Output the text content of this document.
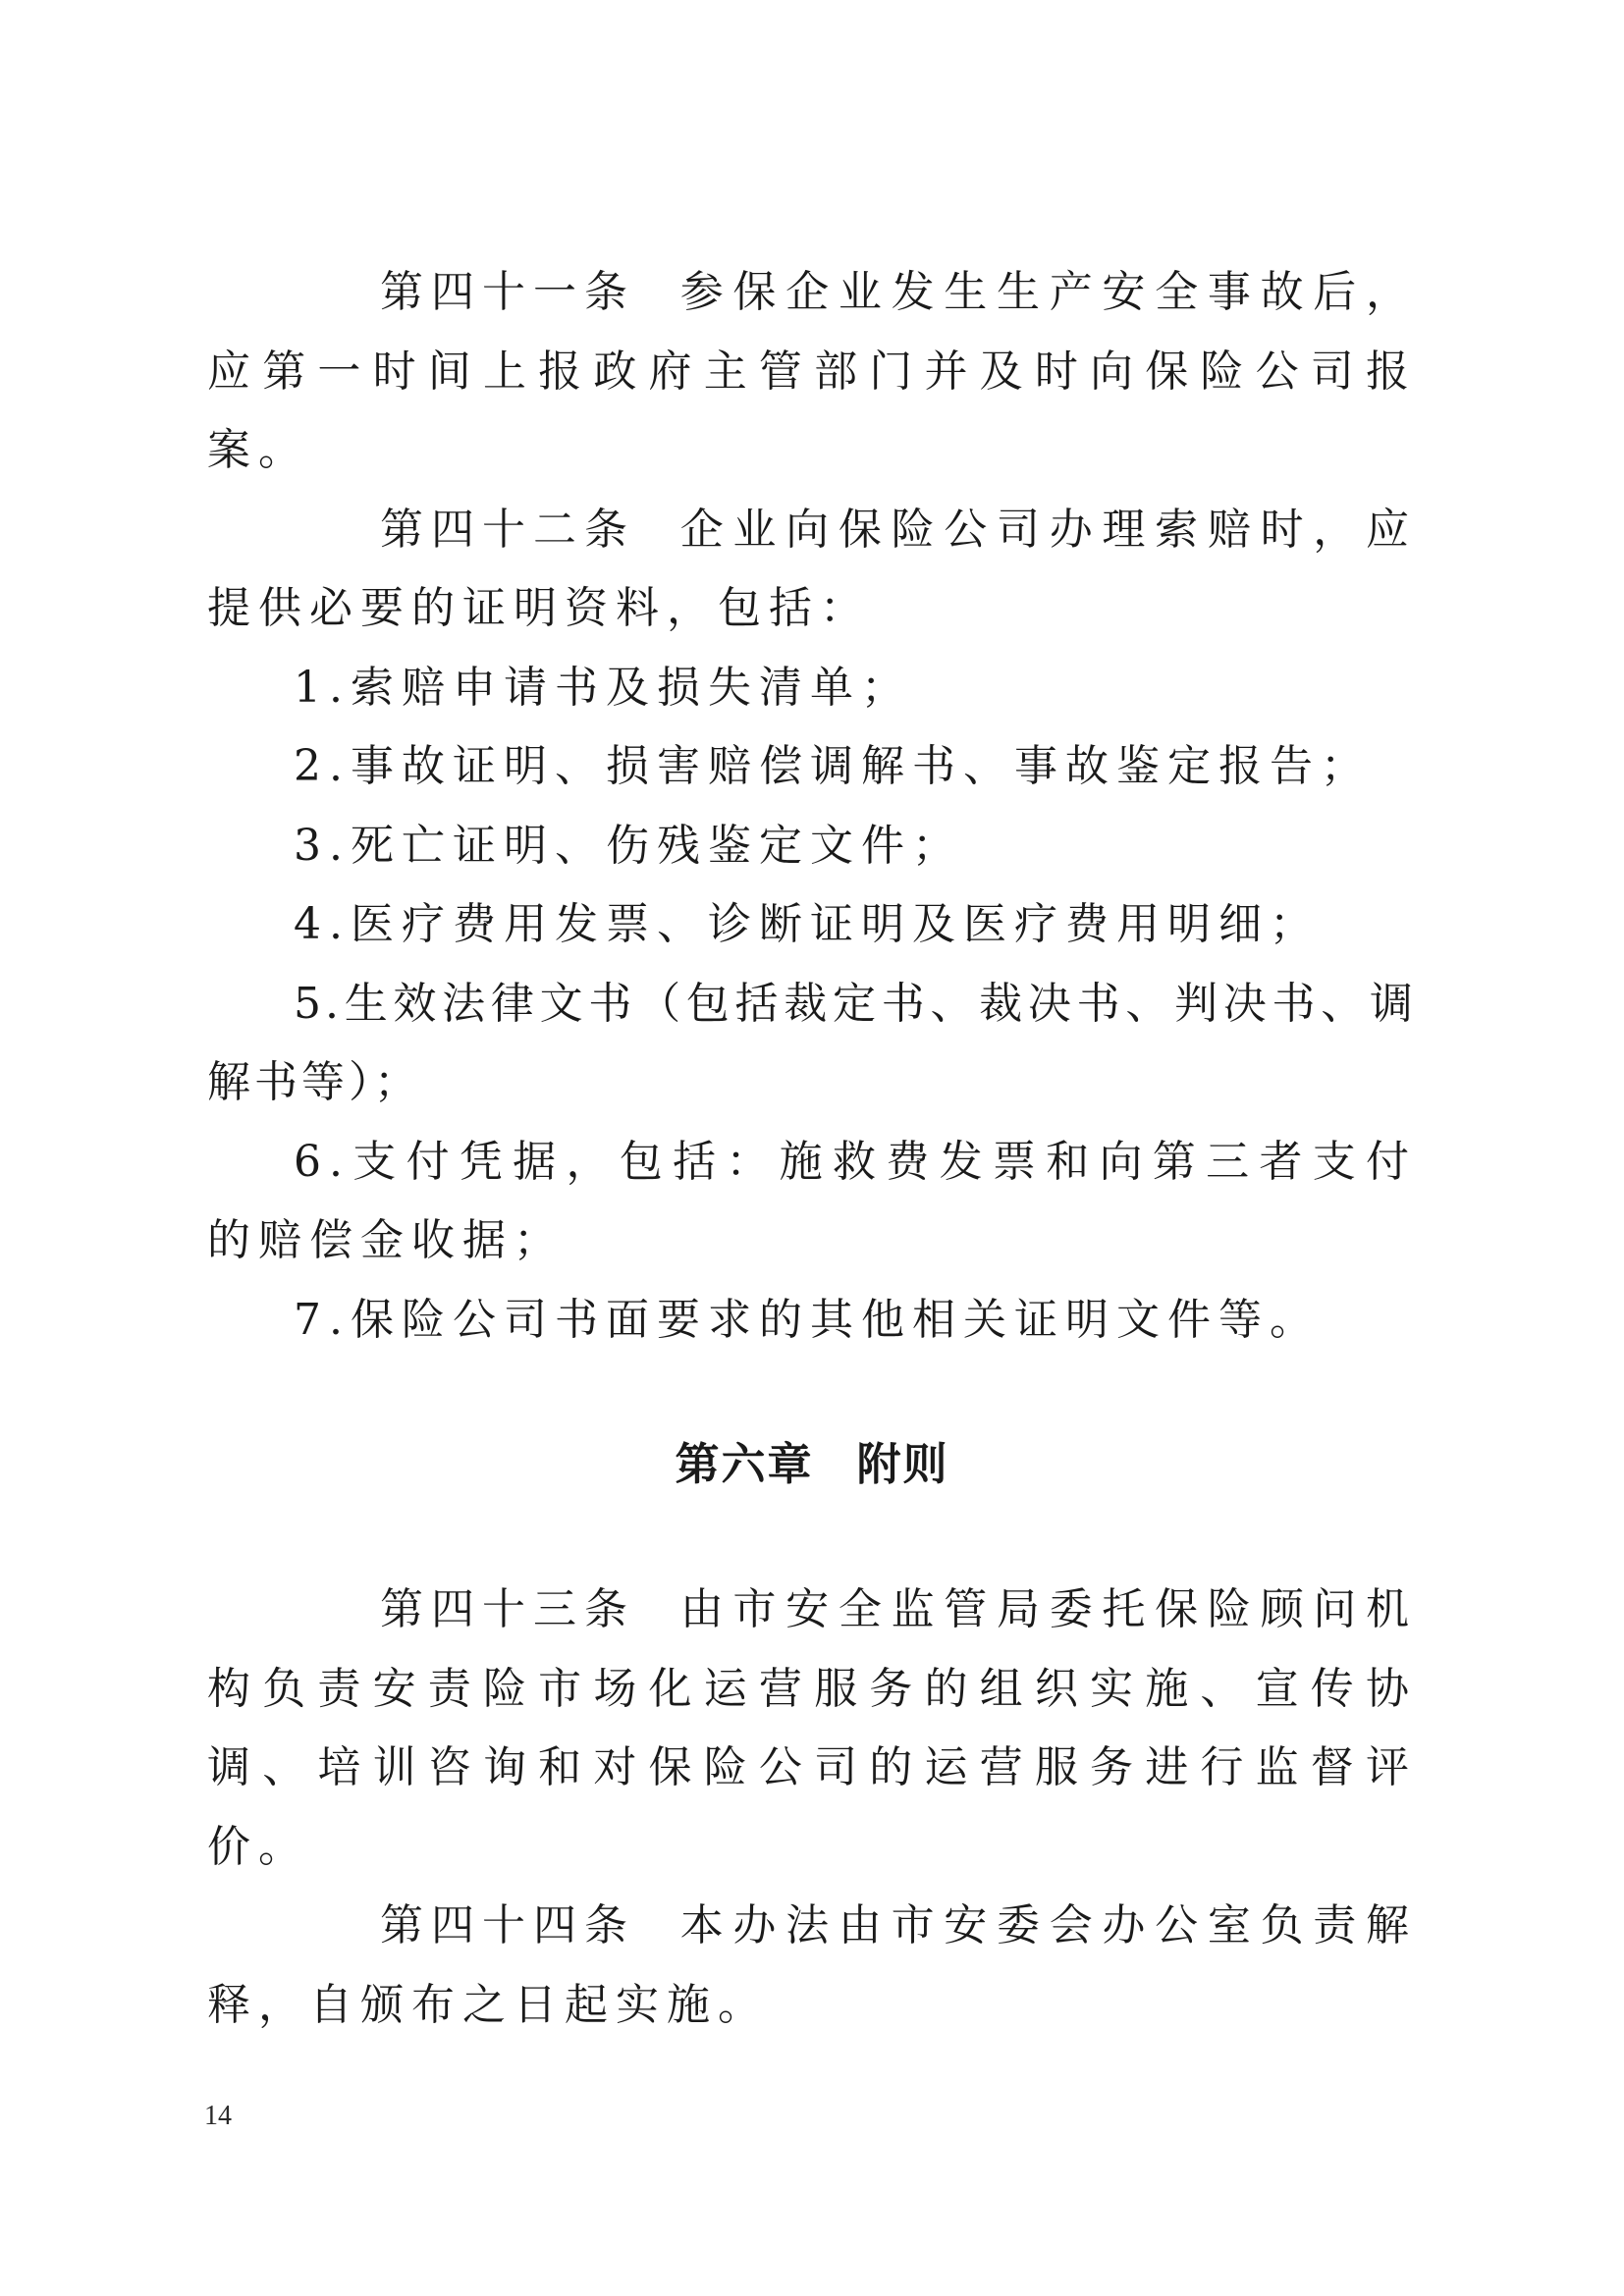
第四十一条 参保企业发生生产安全事故后，应第一时间上报政府主管部门并及时向保险公司报案。

第四十二条 企业向保险公司办理索赔时，应提供必要的证明资料，包括：

1.索赔申请书及损失清单；

2.事故证明、损害赔偿调解书、事故鉴定报告；

3.死亡证明、伤残鉴定文件；

4.医疗费用发票、诊断证明及医疗费用明细；

5.生效法律文书（包括裁定书、裁决书、判决书、调解书等）；

6.支付凭据，包括：施救费发票和向第三者支付的赔偿金收据；

7.保险公司书面要求的其他相关证明文件等。

第六章 附则

第四十三条 由市安全监管局委托保险顾问机构负责安责险市场化运营服务的组织实施、宣传协调、培训咨询和对保险公司的运营服务进行监督评价。

第四十四条 本办法由市安委会办公室负责解释，自颁布之日起实施。

14
